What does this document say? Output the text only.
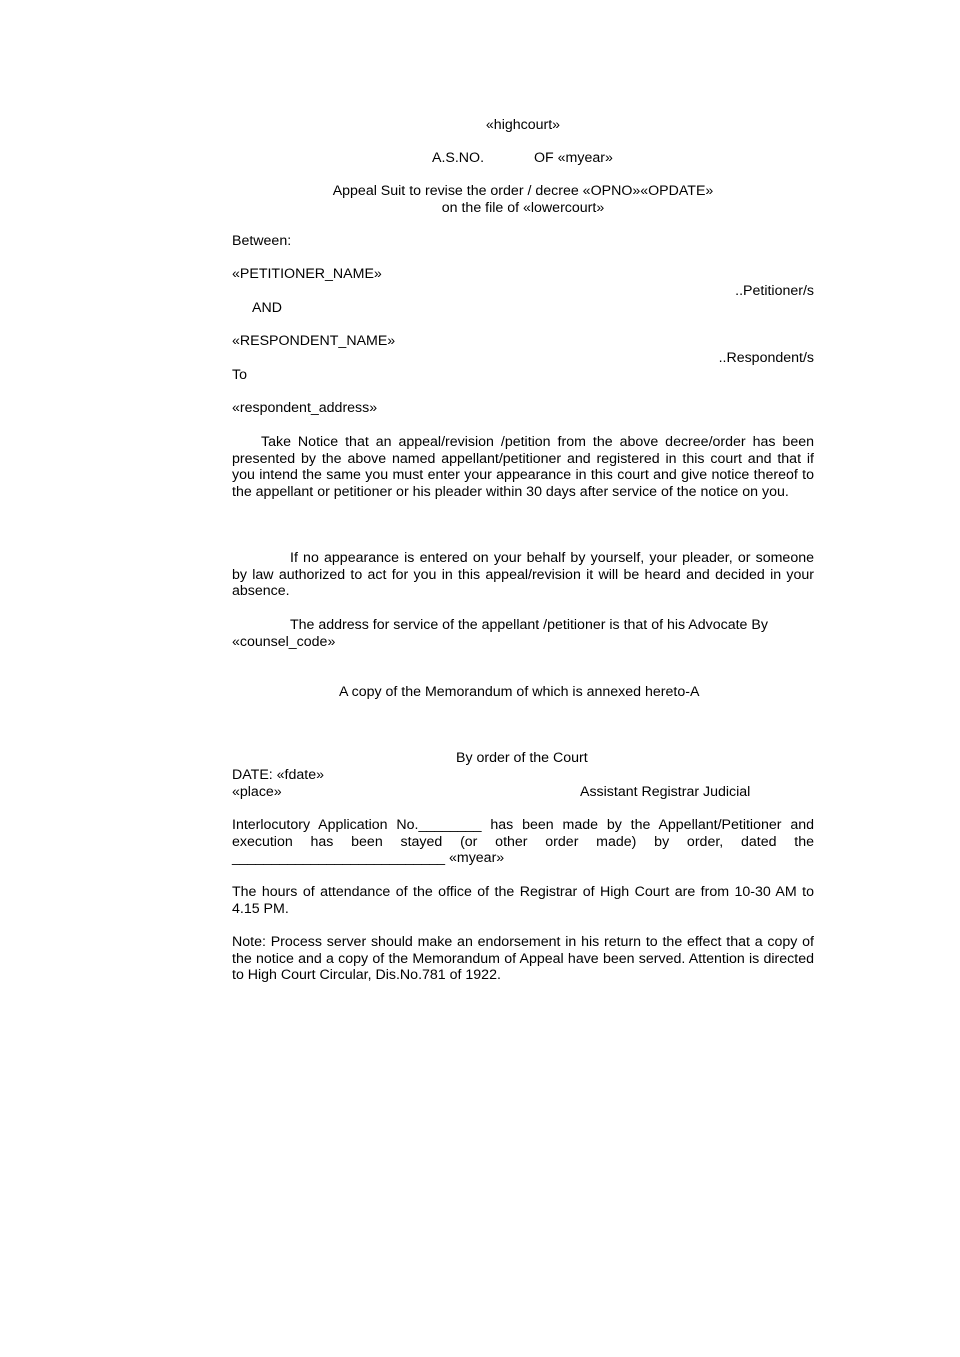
«highcourt»
A.S.NO.	OF «myear»
Appeal Suit to revise the order / decree «OPNO»«OPDATE»
on the file of «lowercourt»
Between:
«PETITIONER_NAME»
..Petitioner/s
AND
«RESPONDENT_NAME»
..Respondent/s
To
«respondent_address»

Take Notice that an appeal/revision /petition from the above decree/order has been presented by the above named appellant/petitioner and registered in this court and that if you intend the same you must enter your appearance in this court and give notice thereof to the appellant or petitioner or his pleader within 30 days after service of the notice on you.

If no appearance is entered on your behalf by yourself, your pleader, or someone by law authorized to act for you in this appeal/revision it will be heard and decided in your absence.

The address for service of the appellant /petitioner is that of his Advocate By «counsel_code»

A copy of the Memorandum of which is annexed hereto-A
By order of the Court
DATE: «fdate»
«place»	Assistant Registrar Judicial

Interlocutory Application No.________ has been made by the Appellant/Petitioner and execution has been stayed (or other order made) by order, dated the ___________________________ «myear»

The hours of attendance of the office of the Registrar of High Court are from 10-30 AM to 4.15 PM.

Note: Process server should make an endorsement in his return to the effect that a copy of the notice and a copy of the Memorandum of Appeal have been served. Attention is directed to High Court Circular, Dis.No.781 of 1922.
